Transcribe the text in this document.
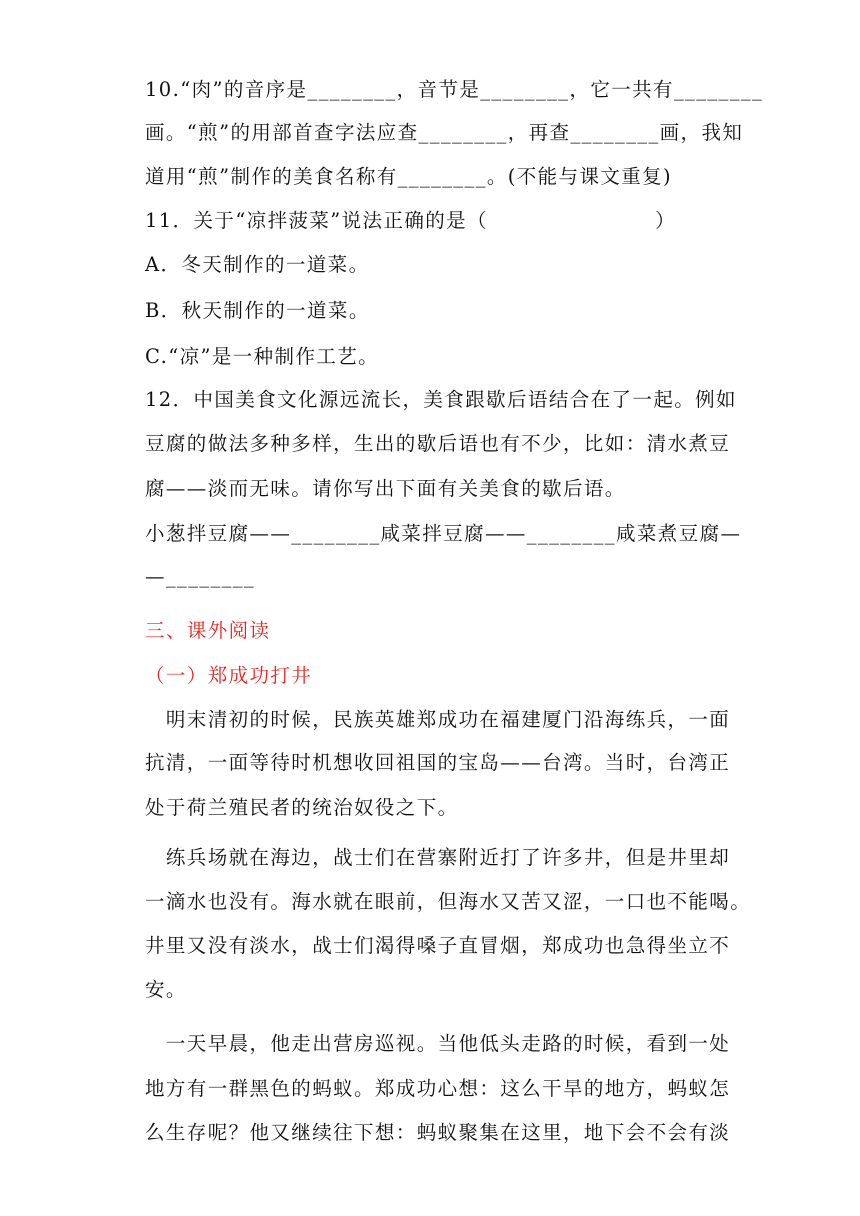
10.“肉”的音序是________，音节是________，它一共有________
画。“煎”的用部首查字法应查________，再查________画，我知
道用“煎”制作的美食名称有________。(不能与课文重复)
11．关于“凉拌菠菜”说法正确的是（　　　　　　　　）
A．冬天制作的一道菜。
B．秋天制作的一道菜。
C.“凉”是一种制作工艺。
12．中国美食文化源远流长，美食跟歇后语结合在了一起。例如
豆腐的做法多种多样，生出的歇后语也有不少，比如：清水煮豆
腐——淡而无味。请你写出下面有关美食的歇后语。
小葱拌豆腐——________咸菜拌豆腐——________咸菜煮豆腐—
—________
三、课外阅读
（一）郑成功打井
　明末清初的时候，民族英雄郑成功在福建厦门沿海练兵，一面
抗清，一面等待时机想收回祖国的宝岛——台湾。当时，台湾正
处于荷兰殖民者的统治奴役之下。
　练兵场就在海边，战士们在营寨附近打了许多井，但是井里却
一滴水也没有。海水就在眼前，但海水又苦又涩，一口也不能喝。
井里又没有淡水，战士们渴得嗓子直冒烟，郑成功也急得坐立不
安。
　一天早晨，他走出营房巡视。当他低头走路的时候，看到一处
地方有一群黑色的蚂蚁。郑成功心想：这么干旱的地方，蚂蚁怎
么生存呢？他又继续往下想：蚂蚁聚集在这里，地下会不会有淡
